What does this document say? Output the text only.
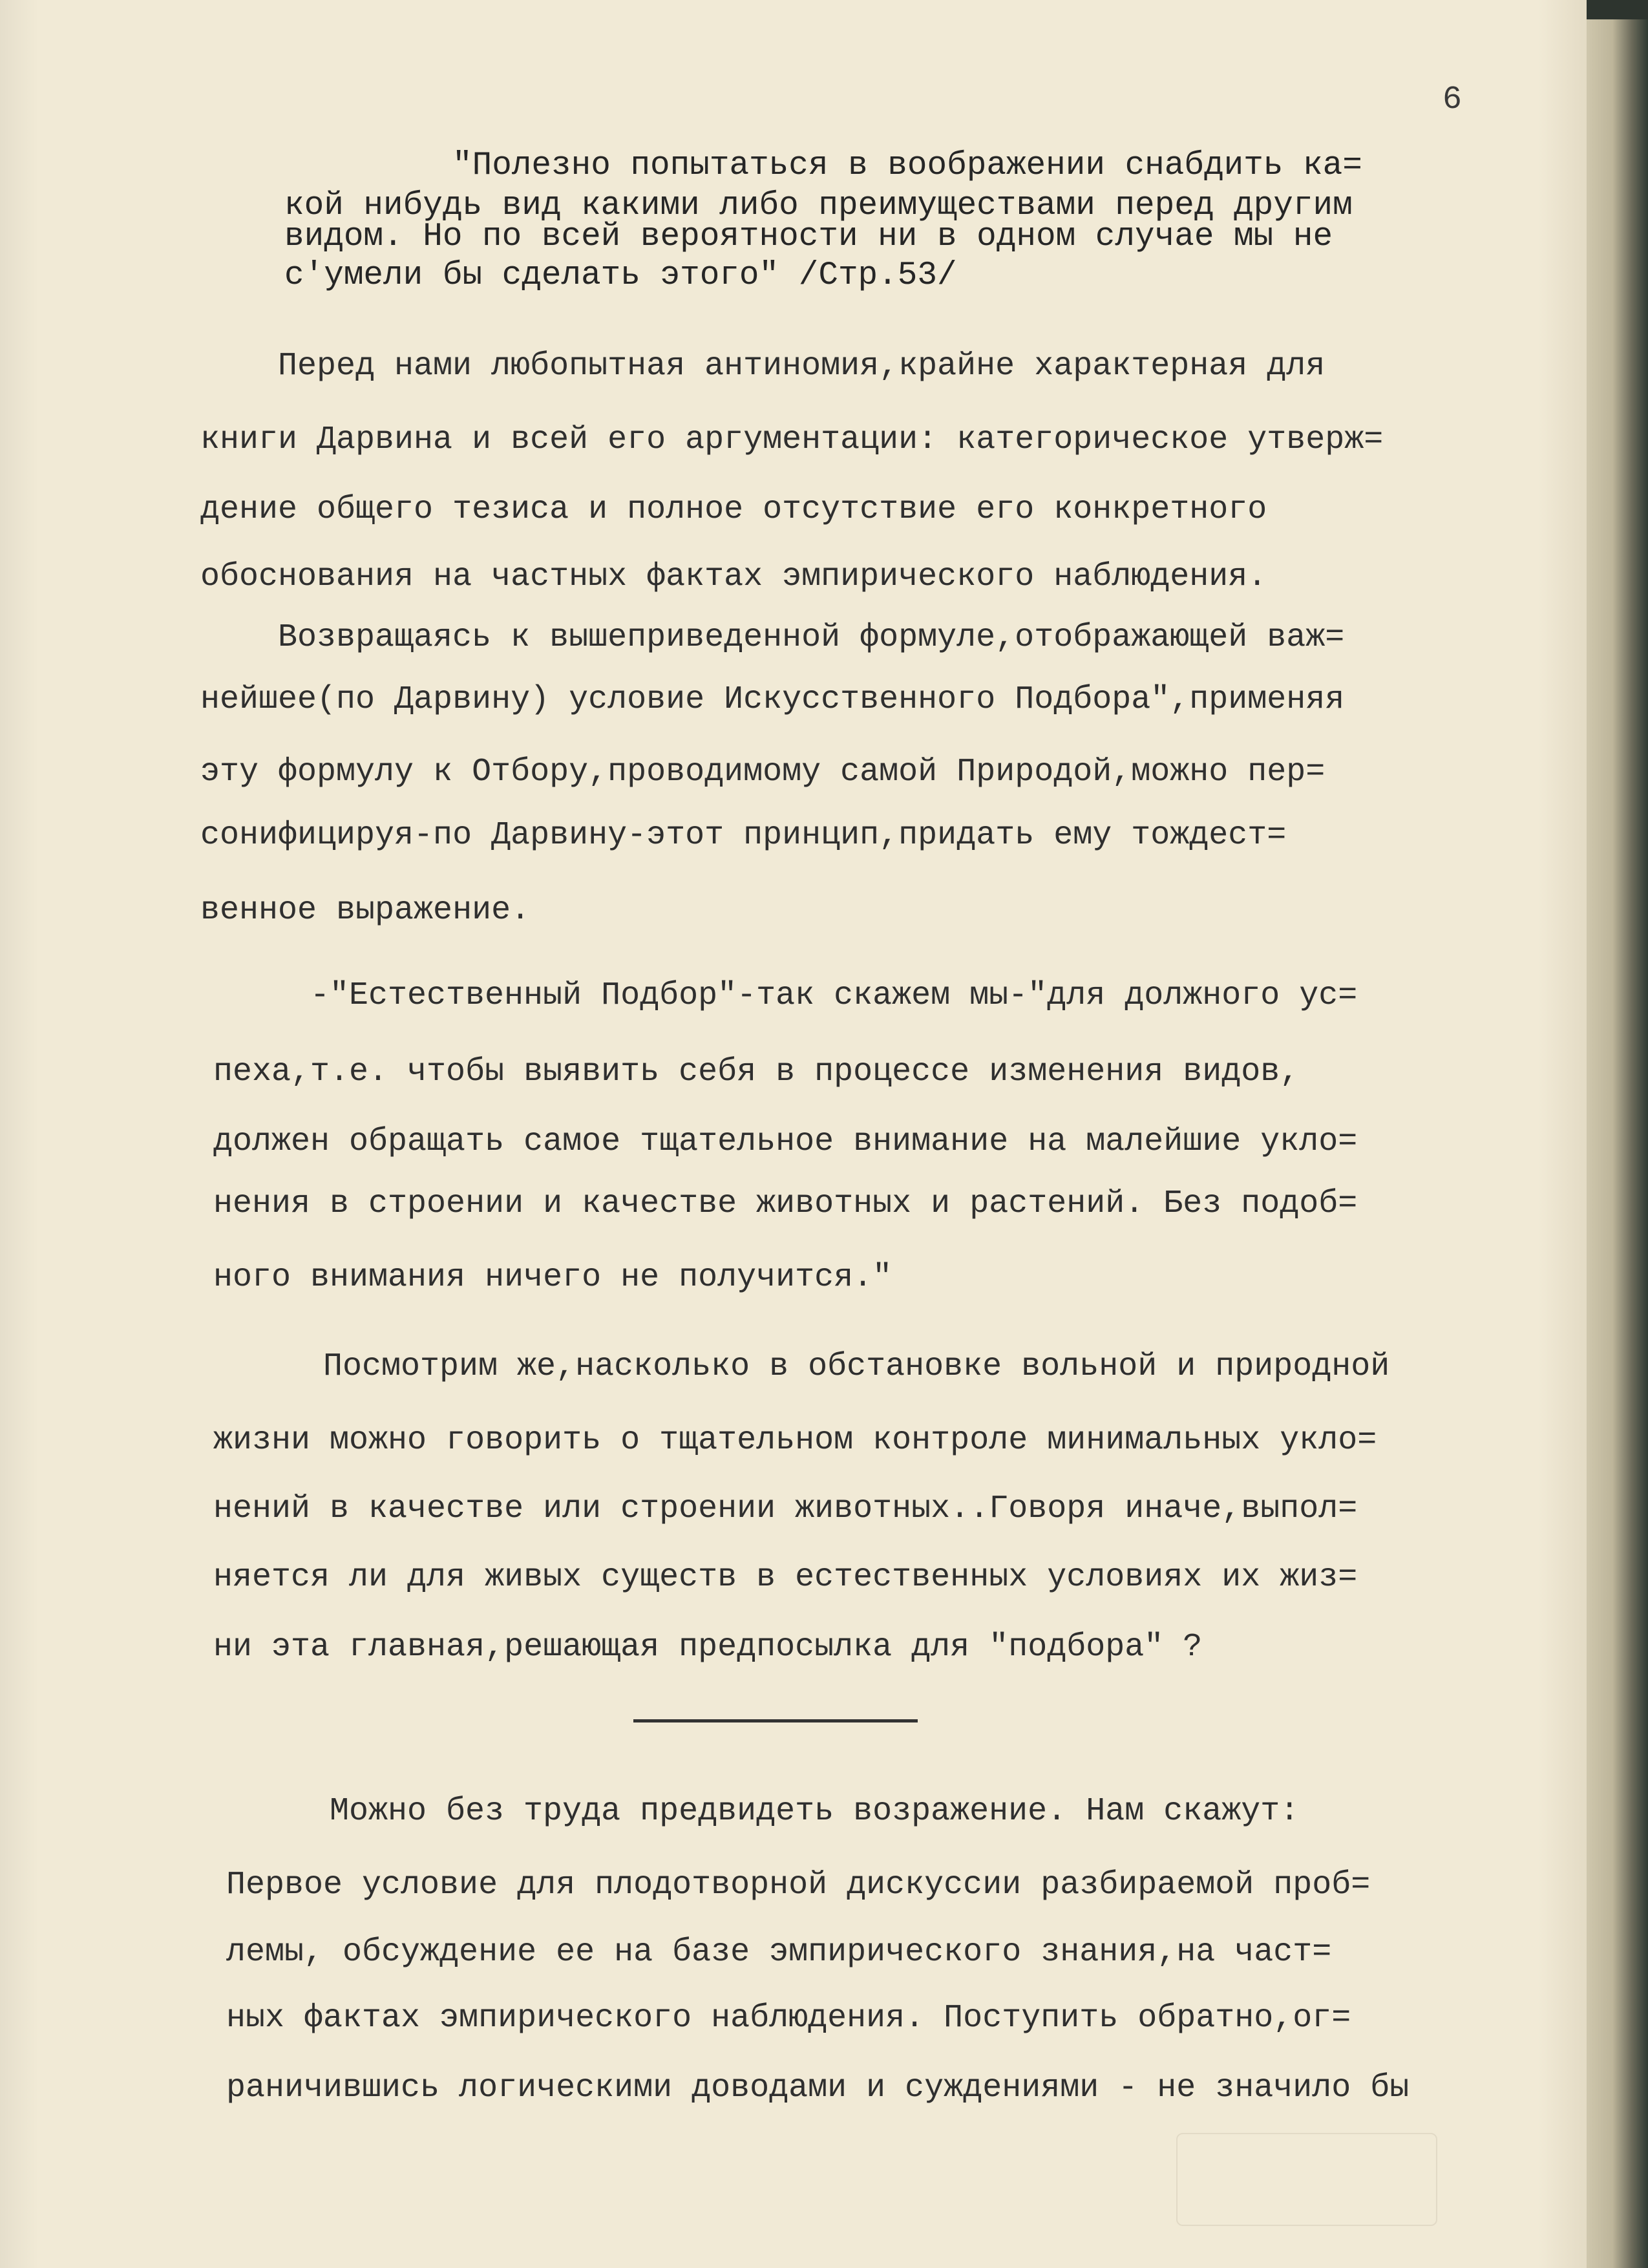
6

"Полезно попытаться в воображении снабдить ка=

кой нибудь вид какими либо преимуществами перед другим

видом. Но по всей вероятности ни в одном случае мы не

с'умели бы сделать этого" /Стр.53/

Перед нами любопытная антиномия,крайне характерная для

книги Дарвина и всей его аргументации: категорическое утверж=

дение общего тезиса и полное отсутствие его конкретного

обоснования на частных фактах эмпирического наблюдения.

Возвращаясь к вышеприведенной формуле,отображающей важ=

нейшее(по Дарвину) условие Искусственного Подбора",применяя

эту формулу к Отбору,проводимому самой Природой,можно пер=

сонифицируя-по Дарвину-этот принцип,придать ему тождест=

венное выражение.

-"Естественный Подбор"-так скажем мы-"для должного ус=

пеха,т.е. чтобы выявить себя в процессе изменения видов,

должен обращать самое тщательное внимание на малейшие укло=

нения в строении и качестве животных и растений. Без подоб=

ного внимания ничего не получится."

Посмотрим же,насколько в обстановке вольной и природной

жизни можно говорить о тщательном контроле минимальных укло=

нений в качестве или строении животных..Говоря иначе,выпол=

няется ли для живых существ в естественных условиях их жиз=

ни эта главная,решающая предпосылка для "подбора" ?

Можно без труда предвидеть возражение. Нам скажут:

Первое условие для плодотворной дискуссии разбираемой проб=

лемы, обсуждение ее на базе эмпирического знания,на част=

ных фактах эмпирического наблюдения. Поступить обратно,ог=

раничившись логическими доводами и суждениями - не значило бы
